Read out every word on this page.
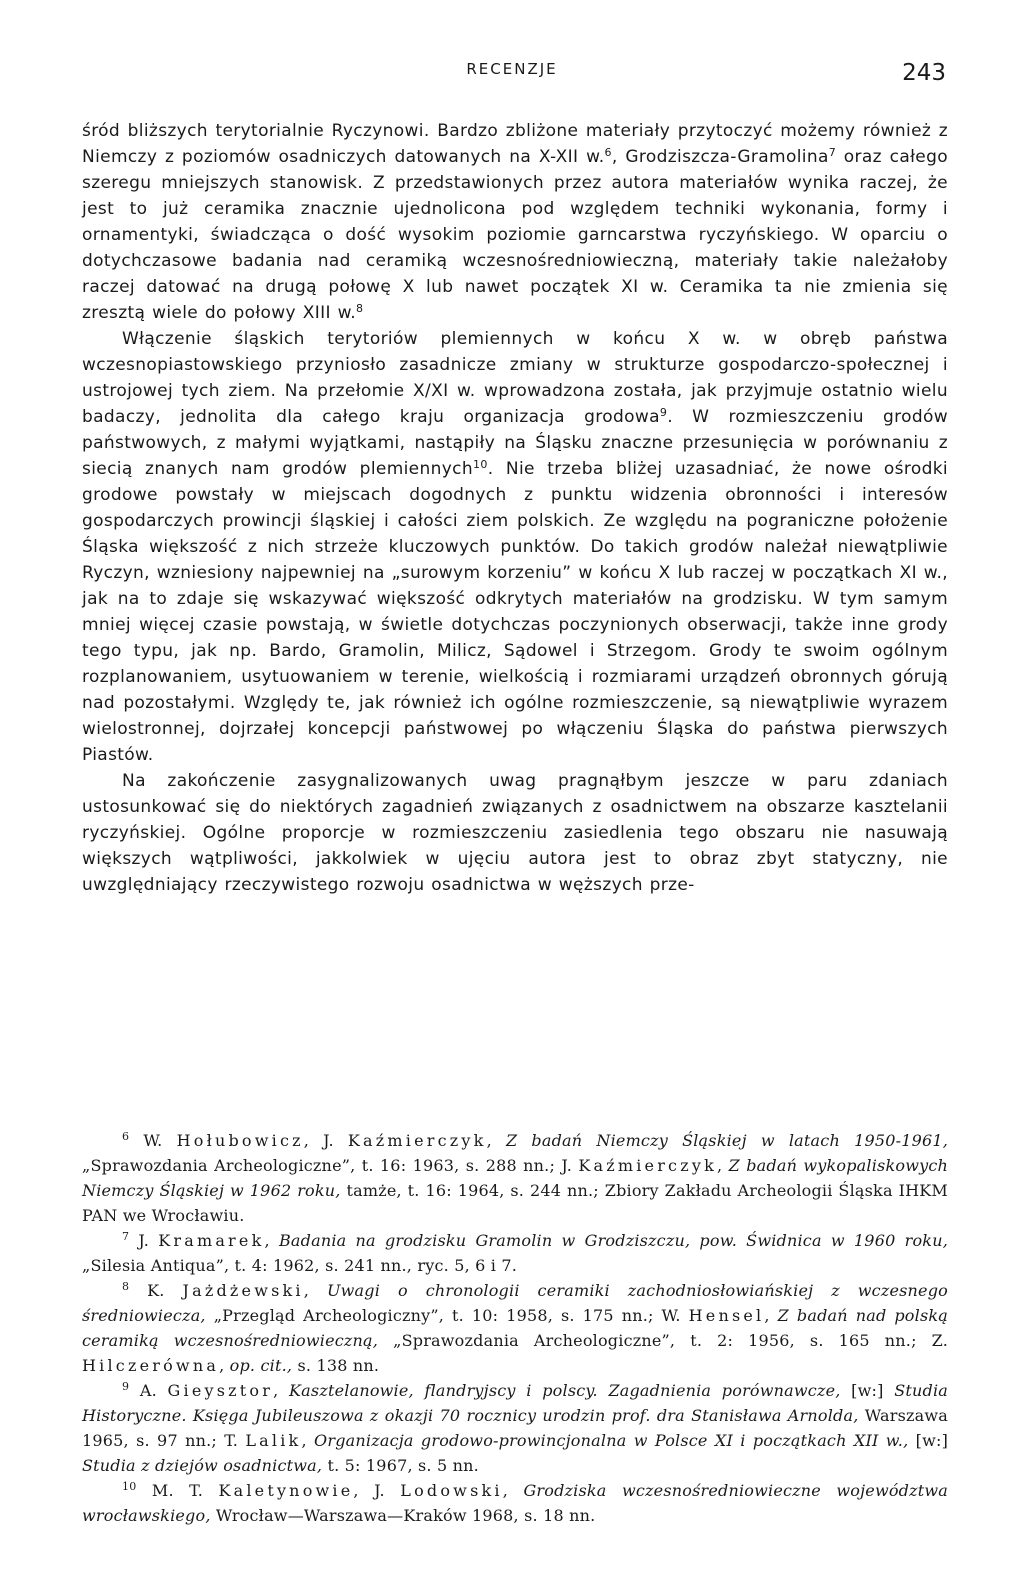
RECENZJE	243

śród bliższych terytorialnie Ryczynowi. Bardzo zbliżone materiały przytoczyć możemy również z Niemczy z poziomów osadniczych datowanych na X-XII w.$^6$, Grodziszcza-Gramolina$^7$ oraz całego szeregu mniejszych stanowisk. Z przedstawionych przez autora materiałów wynika raczej, że jest to już ceramika znacznie ujednolicona pod względem techniki wykonania, formy i ornamentyki, świadcząca o dość wysokim poziomie garncarstwa ryczyńskiego. W oparciu o dotychczasowe badania nad ceramiką wczesnośredniowieczną, materiały takie należałoby raczej datować na drugą połowę X lub nawet początek XI w. Ceramika ta nie zmienia się zresztą wiele do połowy XIII w.$^8$

Włączenie śląskich terytoriów plemiennych w końcu X w. w obręb państwa wczesnopiastowskiego przyniosło zasadnicze zmiany w strukturze gospodarczo-społecznej i ustrojowej tych ziem. Na przełomie X/XI w. wprowadzona została, jak przyjmuje ostatnio wielu badaczy, jednolita dla całego kraju organizacja grodowa$^9$. W rozmieszczeniu grodów państwowych, z małymi wyjątkami, nastąpiły na Śląsku znaczne przesunięcia w porównaniu z siecią znanych nam grodów plemiennych$^{10}$. Nie trzeba bliżej uzasadniać, że nowe ośrodki grodowe powstały w miejscach dogodnych z punktu widzenia obronności i interesów gospodarczych prowincji śląskiej i całości ziem polskich. Ze względu na pograniczne położenie Śląska większość z nich strzeże kluczowych punktów. Do takich grodów należał niewątpliwie Ryczyn, wzniesiony najpewniej na „surowym korzeniu” w końcu X lub raczej w początkach XI w., jak na to zdaje się wskazywać większość odkrytych materiałów na grodzisku. W tym samym mniej więcej czasie powstają, w świetle dotychczas poczynionych obserwacji, także inne grody tego typu, jak np. Bardo, Gramolin, Milicz, Sądowel i Strzegom. Grody te swoim ogólnym rozplanowaniem, usytuowaniem w terenie, wielkością i rozmiarami urządzeń obronnych górują nad pozostałymi. Względy te, jak również ich ogólne rozmieszczenie, są niewątpliwie wyrazem wielostronnej, dojrzałej koncepcji państwowej po włączeniu Śląska do państwa pierwszych Piastów.

Na zakończenie zasygnalizowanych uwag pragnąłbym jeszcze w paru zdaniach ustosunkować się do niektórych zagadnień związanych z osadnictwem na obszarze kasztelanii ryczyńskiej. Ogólne proporcje w rozmieszczeniu zasiedlenia tego obszaru nie nasuwają większych wątpliwości, jakkolwiek w ujęciu autora jest to obraz zbyt statyczny, nie uwzględniający rzeczywistego rozwoju osadnictwa w węższych prze-

$^6$ W. Hołubowicz, J. Kaźmierczyk, Z badań Niemczy Śląskiej w latach 1950-1961, „Sprawozdania Archeologiczne”, t. 16: 1963, s. 288 nn.; J. Kaźmierczyk, Z badań wykopaliskowych Niemczy Śląskiej w 1962 roku, tamże, t. 16: 1964, s. 244 nn.; Zbiory Zakładu Archeologii Śląska IHKM PAN we Wrocławiu.

$^7$ J. Kramarek, Badania na grodzisku Gramolin w Grodziszczu, pow. Świdnica w 1960 roku, „Silesia Antiqua”, t. 4: 1962, s. 241 nn., ryc. 5, 6 i 7.

$^8$ K. Jażdżewski, Uwagi o chronologii ceramiki zachodniosłowiańskiej z wczesnego średniowiecza, „Przegląd Archeologiczny”, t. 10: 1958, s. 175 nn.; W. Hensel, Z badań nad polską ceramiką wczesnośredniowieczną, „Sprawozdania Archeologiczne”, t. 2: 1956, s. 165 nn.; Z. Hilczerówna, op. cit., s. 138 nn.

$^9$ A. Gieysztor, Kasztelanowie, flandryjscy i polscy. Zagadnienia porównawcze, [w:] Studia Historyczne. Księga Jubileuszowa z okazji 70 rocznicy urodzin prof. dra Stanisława Arnolda, Warszawa 1965, s. 97 nn.; T. Lalik, Organizacja grodowo-prowincjonalna w Polsce XI i początkach XII w., [w:] Studia z dziejów osadnictwa, t. 5: 1967, s. 5 nn.

$^{10}$ M. T. Kaletynowie, J. Lodowski, Grodziska wczesnośredniowieczne województwa wrocławskiego, Wrocław—Warszawa—Kraków 1968, s. 18 nn.
